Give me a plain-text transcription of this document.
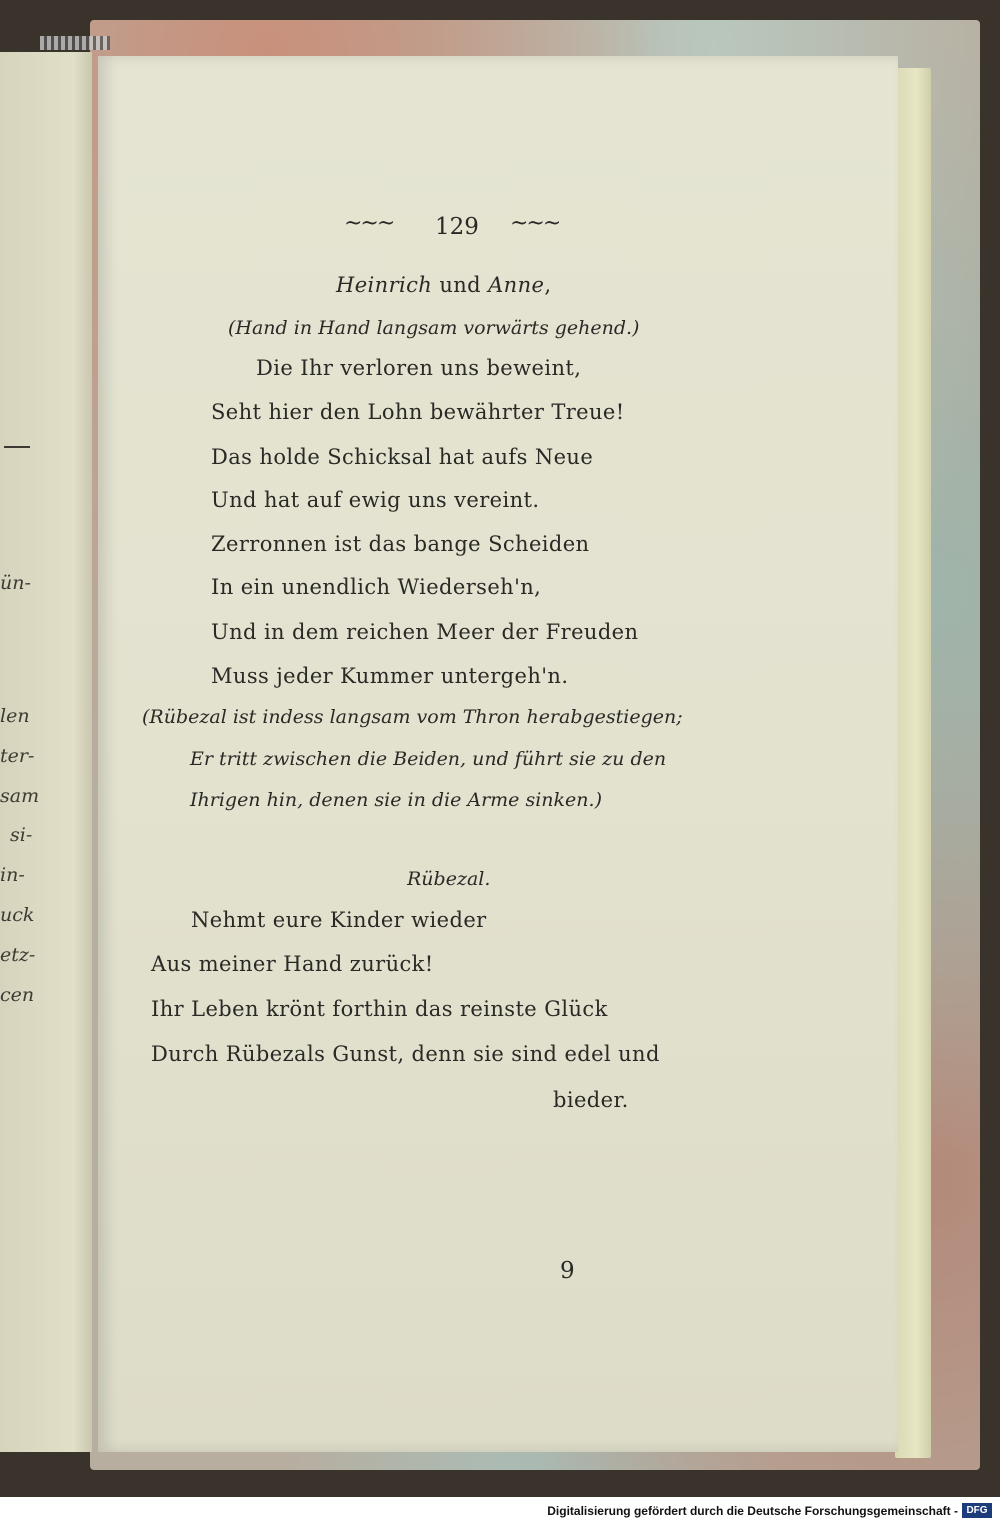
ün-
len
ter-
sam
si-
in-
uck
etz-
cen
~~~ 129 ~~~
Heinrich und Anne,
(Hand in Hand langsam vorwärts gehend.)
Die Ihr verloren uns beweint,
Seht hier den Lohn bewährter Treue!
Das holde Schicksal hat aufs Neue
Und hat auf ewig uns vereint.
Zerronnen ist das bange Scheiden
In ein unendlich Wiederseh'n,
Und in dem reichen Meer der Freuden
Muss jeder Kummer untergeh'n.
(Rübezal ist indess langsam vom Thron herabgestiegen;
Er tritt zwischen die Beiden, und führt sie zu den
Ihrigen hin, denen sie in die Arme sinken.)
Rübezal.
Nehmt eure Kinder wieder
Aus meiner Hand zurück!
Ihr Leben krönt forthin das reinste Glück
Durch Rübezals Gunst, denn sie sind edel und
bieder.
9
Digitalisierung gefördert durch die Deutsche Forschungsgemeinschaft - DFG
